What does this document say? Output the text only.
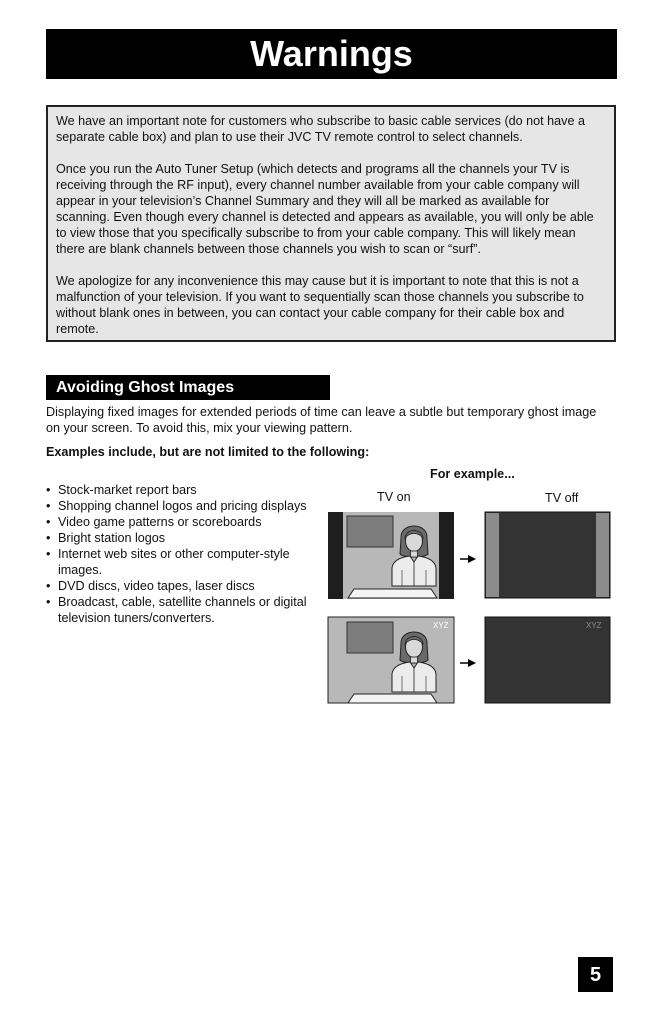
Warnings

We have an important note for customers who subscribe to basic cable services (do not have a separate cable box) and plan to use their JVC TV remote control to select channels.

Once you run the Auto Tuner Setup (which detects and programs all the channels your TV is receiving through the RF input), every channel number available from your cable company will appear in your television’s Channel Summary and they will all be marked as available for scanning. Even though every channel is detected and appears as available, you will only be able to view those that you specifically subscribe to from your cable company. This will likely mean there are blank channels between those channels you wish to scan or “surf”.

We apologize for any inconvenience this may cause but it is important to note that this is not a malfunction of your television. If you want to sequentially scan those channels you subscribe to without blank ones in between, you can contact your cable company for their cable box and remote.

Avoiding Ghost Images

Displaying fixed images for extended periods of time can leave a subtle but temporary ghost image on your screen. To avoid this, mix your viewing pattern.

Examples include, but are not limited to the following:

• Stock-market report bars
• Shopping channel logos and pricing displays
• Video game patterns or scoreboards
• Bright station logos
• Internet web sites or other computer-style images.
• DVD discs, video tapes, laser discs
• Broadcast, cable, satellite channels or digital television tuners/converters.
For example...
TV on	TV off
XYZ	XYZ
5
